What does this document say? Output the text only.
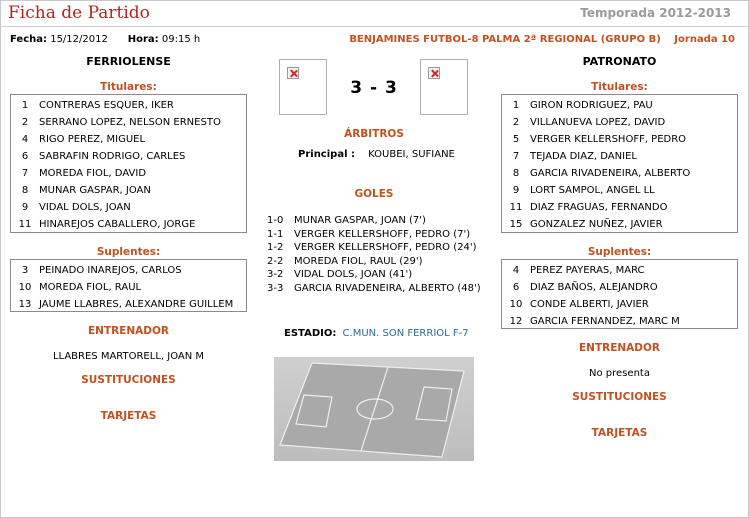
Ficha de Partido	Temporada 2012-2013
Fecha: 15/12/2012 Hora: 09:15 h	BENJAMINES FUTBOL-8 PALMA 2ª REGIONAL (GRUPO B) Jornada 10
FERRIOLENSE
Titulares:
1	CONTRERAS ESQUER, IKER
2	SERRANO LOPEZ, NELSON ERNESTO
4	RIGO PEREZ, MIGUEL
6	SABRAFIN RODRIGO, CARLES
7	MOREDA FIOL, DAVID
8	MUNAR GASPAR, JOAN
9	VIDAL DOLS, JOAN
11 HINAREJOS CABALLERO, JORGE
Suplentes:
3	PEINADO INAREJOS, CARLOS
10 MOREDA FIOL, RAUL
13 JAUME LLABRES, ALEXANDRE GUILLEM
ENTRENADOR
LLABRES MARTORELL, JOAN M
SUSTITUCIONES
TARJETAS
3 - 3
ÁRBITROS
Principal : KOUBEI, SUFIANE
GOLES
1-0	MUNAR GASPAR, JOAN (7')
1-1	VERGER KELLERSHOFF, PEDRO (7')
1-2	VERGER KELLERSHOFF, PEDRO (24')
2-2	MOREDA FIOL, RAUL (29')
3-2	VIDAL DOLS, JOAN (41')
3-3	GARCIA RIVADENEIRA, ALBERTO (48')
ESTADIO: C.MUN. SON FERRIOL F-7
PATRONATO
Titulares:
1	GIRON RODRIGUEZ, PAU
2	VILLANUEVA LOPEZ, DAVID
5	VERGER KELLERSHOFF, PEDRO
7	TEJADA DIAZ, DANIEL
8	GARCIA RIVADENEIRA, ALBERTO
9	LORT SAMPOL, ANGEL LL
11 DIAZ FRAGUAS, FERNANDO
15 GONZALEZ NUÑEZ, JAVIER
Suplentes:
4	PEREZ PAYERAS, MARC
6	DIAZ BAÑOS, ALEJANDRO
10 CONDE ALBERTI, JAVIER
12 GARCIA FERNANDEZ, MARC M
ENTRENADOR
No presenta
SUSTITUCIONES
TARJETAS
